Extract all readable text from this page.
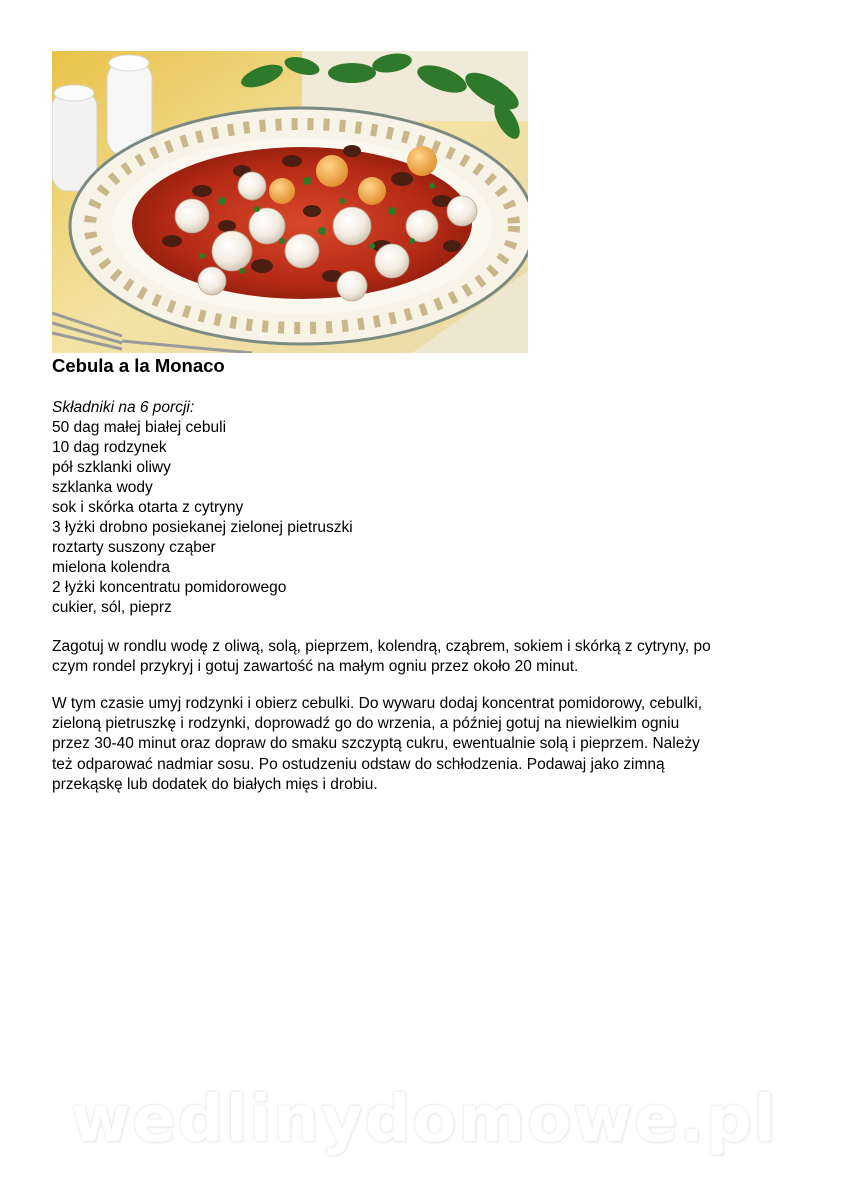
Cebula a la Monaco
Składniki na 6 porcji:
50 dag małej białej cebuli
10 dag rodzynek
pół szklanki oliwy
szklanka wody
sok i skórka otarta z cytryny
3 łyżki drobno posiekanej zielonej pietruszki
roztarty suszony cząber
mielona kolendra
2 łyżki koncentratu pomidorowego
cukier, sól, pieprz
Zagotuj w rondlu wodę z oliwą, solą, pieprzem, kolendrą, cząbrem, sokiem i skórką z cytryny, po
czym rondel przykryj i gotuj zawartość na małym ogniu przez około 20 minut.
W tym czasie umyj rodzynki i obierz cebulki. Do wywaru dodaj koncentrat pomidorowy, cebulki,
zieloną pietruszkę i rodzynki, doprowadź go do wrzenia, a później gotuj na niewielkim ogniu
przez 30-40 minut oraz dopraw do smaku szczyptą cukru, ewentualnie solą i pieprzem. Należy
też odparować nadmiar sosu. Po ostudzeniu odstaw do schłodzenia. Podawaj jako zimną
przekąskę lub dodatek do białych mięs i drobiu.
wedlinydomowe.pl
